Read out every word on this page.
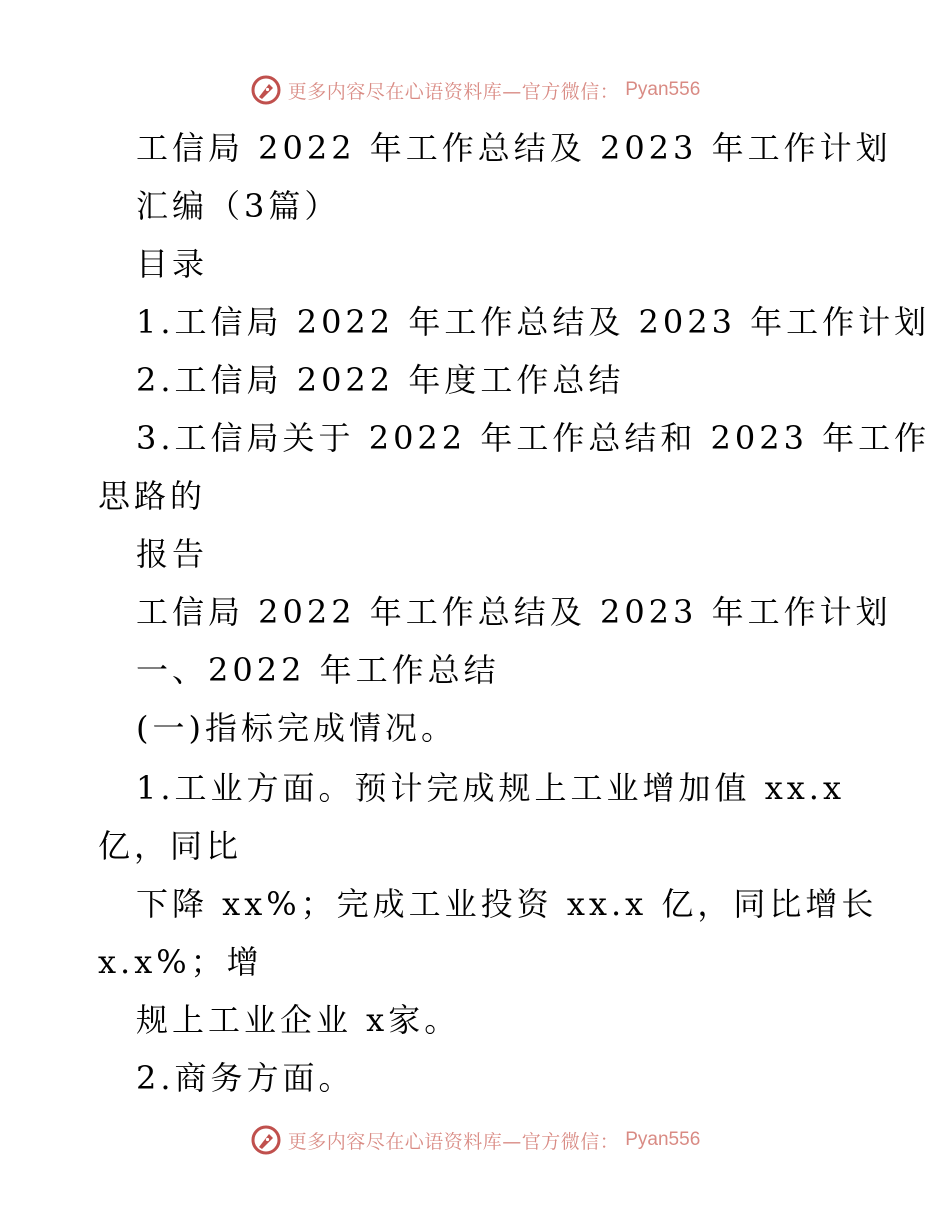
更多内容尽在心语资料库—官方微信： Pyan556
工信局 2022 年工作总结及 2023 年工作计划
汇编（3篇）
目录
1.工信局 2022 年工作总结及 2023 年工作计划
2.工信局 2022 年度工作总结
3.工信局关于 2022 年工作总结和 2023 年工作
思路的
报告
工信局 2022 年工作总结及 2023 年工作计划
一、2022 年工作总结
(一)指标完成情况。
1.工业方面。预计完成规上工业增加值 xx.x
亿，同比
下降 xx%；完成工业投资 xx.x 亿，同比增长
x.x%；增
规上工业企业 x家。
2.商务方面。
更多内容尽在心语资料库—官方微信： Pyan556
